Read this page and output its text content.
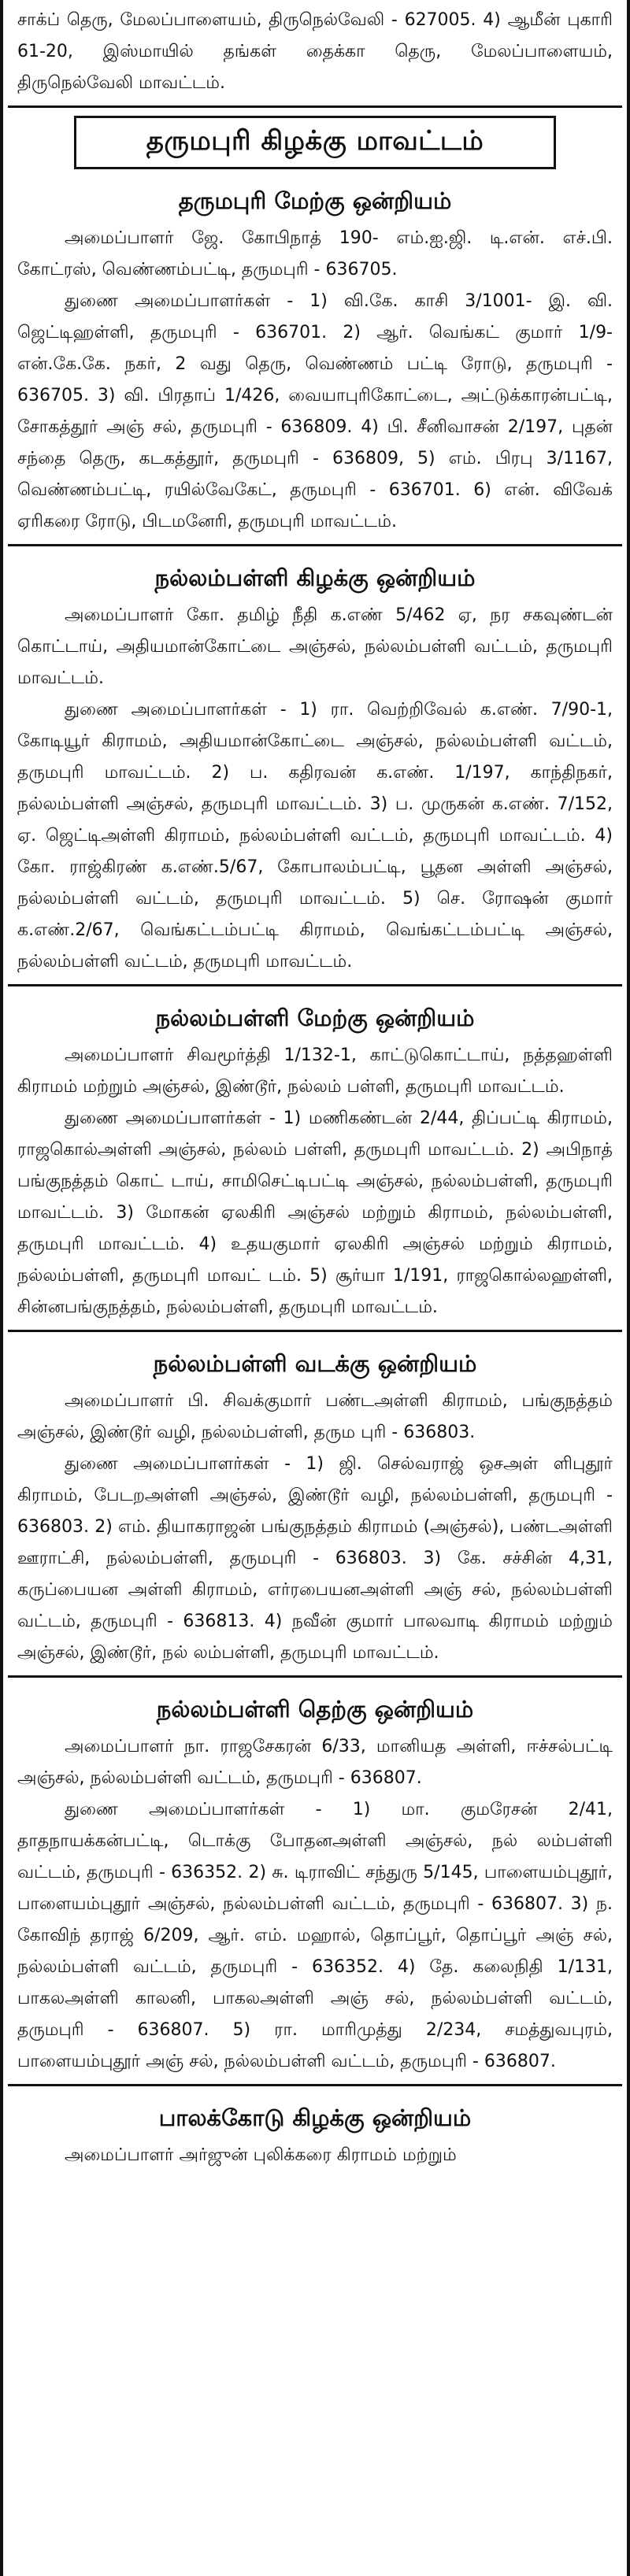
சாக்ப் தெரு, மேலப்பாளையம், திருநெல்வேலி - 627005. 4) ஆமீன் புகாரி 61-20, இஸ்மாயில் தங்கள் தைக்கா தெரு, மேலப்பாளையம், திருநெல்வேலி மாவட்டம்.

தருமபுரி கிழக்கு மாவட்டம்
தருமபுரி மேற்கு ஒன்றியம்

அமைப்பாளர் ஜே. கோபிநாத் 190- எம்.ஐ.ஜி. டி.என். எச்.பி. கோட்ரஸ், வெண்ணம்பட்டி, தருமபுரி - 636705.

துணை அமைப்பாளர்கள் - 1) வி.கே. காசி 3/1001- இ. வி. ஜெட்டிஹள்ளி, தருமபுரி - 636701. 2) ஆர். வெங்கட் குமார் 1/9-என்.கே.கே. நகர், 2 வது தெரு, வெண்ணம் பட்டி ரோடு, தருமபுரி - 636705. 3) வி. பிரதாப் 1/426, வையாபுரிகோட்டை, அட்டுக்காரன்பட்டி, சோகத்தூர் அஞ் சல், தருமபுரி - 636809. 4) பி. சீனிவாசன் 2/197, புதன் சந்தை தெரு, கடகத்தூர், தருமபுரி - 636809, 5) எம். பிரபு 3/1167, வெண்ணம்பட்டி, ரயில்வேகேட், தருமபுரி - 636701. 6) என். விவேக் ஏரிகரை ரோடு, பிடமனேரி, தருமபுரி மாவட்டம்.

நல்லம்பள்ளி கிழக்கு ஒன்றியம்

அமைப்பாளர் கோ. தமிழ் நீதி க.எண் 5/462 ஏ, நர சகவுண்டன் கொட்டாய், அதியமான்கோட்டை அஞ்சல், நல்லம்பள்ளி வட்டம், தருமபுரி மாவட்டம்.

துணை அமைப்பாளர்கள் - 1) ரா. வெற்றிவேல் க.எண். 7/90-1, கோடியூர் கிராமம், அதியமான்கோட்டை அஞ்சல், நல்லம்பள்ளி வட்டம், தருமபுரி மாவட்டம். 2) ப. கதிரவன் க.எண். 1/197, காந்திநகர், நல்லம்பள்ளி அஞ்சல், தருமபுரி மாவட்டம். 3) ப. முருகன் க.எண். 7/152, ஏ. ஜெட்டிஅள்ளி கிராமம், நல்லம்பள்ளி வட்டம், தருமபுரி மாவட்டம். 4) கோ. ராஜ்கிரண் க.எண்.5/67, கோபாலம்பட்டி, பூதன அள்ளி அஞ்சல், நல்லம்பள்ளி வட்டம், தருமபுரி மாவட்டம். 5) செ. ரோஷன் குமார் க.எண்.2/67, வெங்கட்டம்பட்டி கிராமம், வெங்கட்டம்பட்டி அஞ்சல், நல்லம்பள்ளி வட்டம், தருமபுரி மாவட்டம்.

நல்லம்பள்ளி மேற்கு ஒன்றியம்

அமைப்பாளர் சிவமூர்த்தி 1/132-1, காட்டுகொட்டாய், நத்தஹள்ளி கிராமம் மற்றும் அஞ்சல், இண்டூர், நல்லம் பள்ளி, தருமபுரி மாவட்டம்.

துணை அமைப்பாளர்கள் - 1) மணிகண்டன் 2/44, திப்பட்டி கிராமம், ராஜகொல்அள்ளி அஞ்சல், நல்லம் பள்ளி, தருமபுரி மாவட்டம். 2) அபிநாத் பங்குநத்தம் கொட் டாய், சாமிசெட்டிபட்டி அஞ்சல், நல்லம்பள்ளி, தருமபுரி மாவட்டம். 3) மோகன் ஏலகிரி அஞ்சல் மற்றும் கிராமம், நல்லம்பள்ளி, தருமபுரி மாவட்டம். 4) உதயகுமார் ஏலகிரி அஞ்சல் மற்றும் கிராமம், நல்லம்பள்ளி, தருமபுரி மாவட் டம். 5) சூர்யா 1/191, ராஜகொல்லஹள்ளி, சின்னபங்குநத்தம், நல்லம்பள்ளி, தருமபுரி மாவட்டம்.

நல்லம்பள்ளி வடக்கு ஒன்றியம்

அமைப்பாளர் பி. சிவக்குமார் பண்டஅள்ளி கிராமம், பங்குநத்தம் அஞ்சல், இண்டூர் வழி, நல்லம்பள்ளி, தரும புரி - 636803.

துணை அமைப்பாளர்கள் - 1) ஜி. செல்வராஜ் ஒசஅள் ளிபுதூர் கிராமம், பேடறஅள்ளி அஞ்சல், இண்டூர் வழி, நல்லம்பள்ளி, தருமபுரி - 636803. 2) எம். தியாகராஜன் பங்குநத்தம் கிராமம் (அஞ்சல்), பண்டஅள்ளி ஊராட்சி, நல்லம்பள்ளி, தருமபுரி - 636803. 3) கே. சச்சின் 4,31, கருப்பையன அள்ளி கிராமம், எர்ரபையனஅள்ளி அஞ் சல், நல்லம்பள்ளி வட்டம், தருமபுரி - 636813. 4) நவீன் குமார் பாலவாடி கிராமம் மற்றும் அஞ்சல், இண்டூர், நல் லம்பள்ளி, தருமபுரி மாவட்டம்.

நல்லம்பள்ளி தெற்கு ஒன்றியம்

அமைப்பாளர் நா. ராஜசேகரன் 6/33, மானியத அள்ளி, ஈச்சல்பட்டி அஞ்சல், நல்லம்பள்ளி வட்டம், தருமபுரி - 636807.

துணை அமைப்பாளர்கள் - 1) மா. குமரேசன் 2/41, தாதநாயக்கன்பட்டி, டொக்கு போதனஅள்ளி அஞ்சல், நல் லம்பள்ளி வட்டம், தருமபுரி - 636352. 2) சு. டிராவிட் சந்துரு 5/145, பாளையம்புதூர், பாளையம்புதூர் அஞ்சல், நல்லம்பள்ளி வட்டம், தருமபுரி - 636807. 3) ந. கோவிந் தராஜ் 6/209, ஆர். எம். மஹால், தொப்பூர், தொப்பூர் அஞ் சல், நல்லம்பள்ளி வட்டம், தருமபுரி - 636352. 4) தே. கலைநிதி 1/131, பாகலஅள்ளி காலனி, பாகலஅள்ளி அஞ் சல், நல்லம்பள்ளி வட்டம், தருமபுரி - 636807. 5) ரா. மாரிமுத்து 2/234, சமத்துவபுரம், பாளையம்புதூர் அஞ் சல், நல்லம்பள்ளி வட்டம், தருமபுரி - 636807.

பாலக்கோடு கிழக்கு ஒன்றியம்

அமைப்பாளர் அர்ஜுன் புலிக்கரை கிராமம் மற்றும்
